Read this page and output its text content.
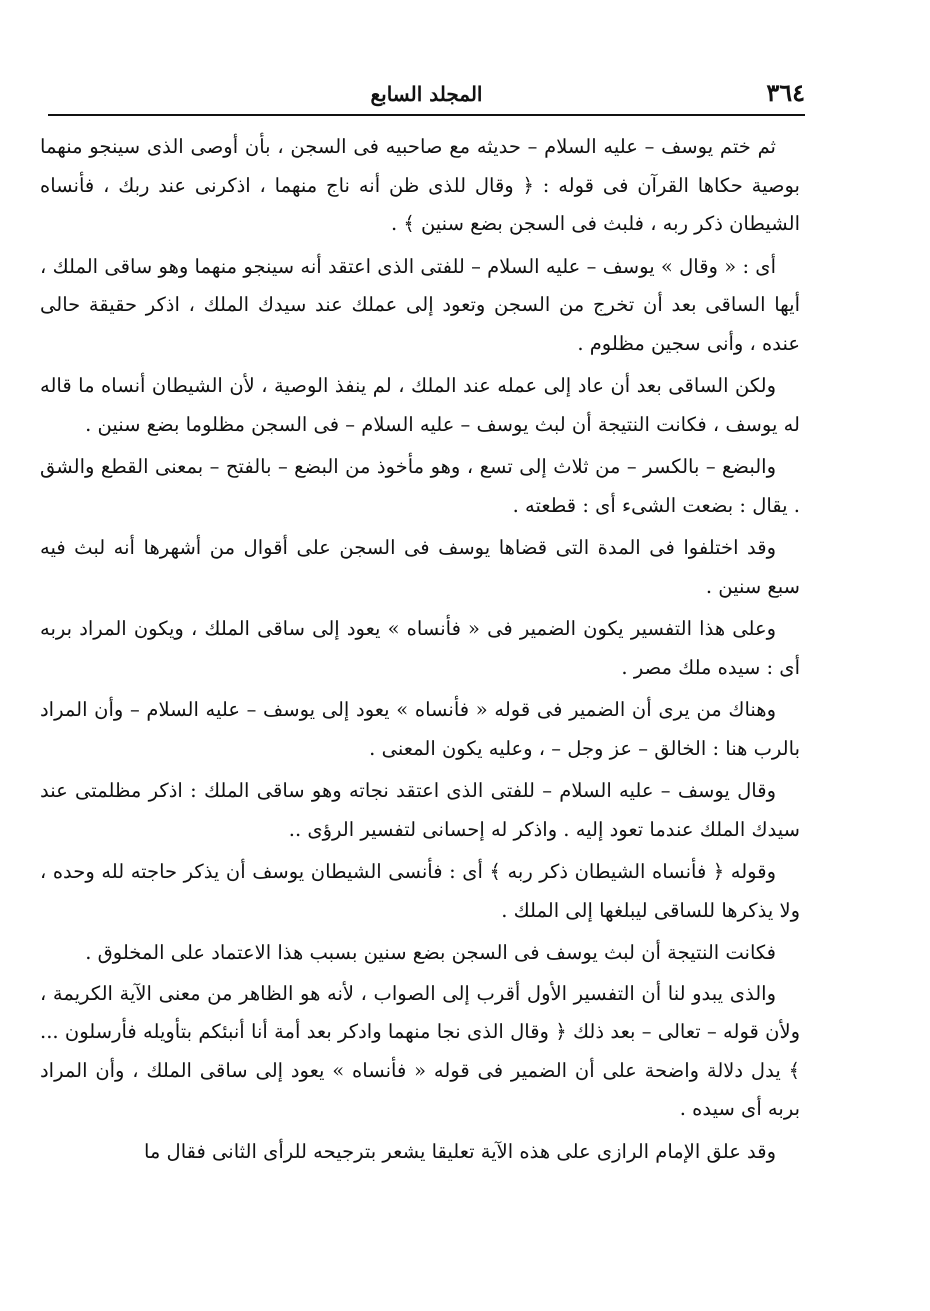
٣٦٤
المجلد السابع

ثم ختم يوسف – عليه السلام – حديثه مع صاحبيه فى السجن ، بأن أوصى الذى سينجو منهما بوصية حكاها القرآن فى قوله : ﴿ وقال للذى ظن أنه ناج منهما ، اذكرنى عند ربك ، فأنساه الشيطان ذكر ربه ، فلبث فى السجن بضع سنين ﴾ .

أى : « وقال » يوسف – عليه السلام – للفتى الذى اعتقد أنه سينجو منهما وهو ساقى الملك ، أيها الساقى بعد أن تخرج من السجن وتعود إلى عملك عند سيدك الملك ، اذكر حقيقة حالى عنده ، وأنى سجين مظلوم .

ولكن الساقى بعد أن عاد إلى عمله عند الملك ، لم ينفذ الوصية ، لأن الشيطان أنساه ما قاله له يوسف ، فكانت النتيجة أن لبث يوسف – عليه السلام – فى السجن مظلوما بضع سنين .

والبضع – بالكسر – من ثلاث إلى تسع ، وهو مأخوذ من البضع – بالفتح – بمعنى القطع والشق . يقال : بضعت الشىء أى : قطعته .

وقد اختلفوا فى المدة التى قضاها يوسف فى السجن على أقوال من أشهرها أنه لبث فيه سبع سنين .

وعلى هذا التفسير يكون الضمير فى « فأنساه » يعود إلى ساقى الملك ، ويكون المراد بربه أى : سيده ملك مصر .

وهناك من يرى أن الضمير فى قوله « فأنساه » يعود إلى يوسف – عليه السلام – وأن المراد بالرب هنا : الخالق – عز وجل – ، وعليه يكون المعنى .

وقال يوسف – عليه السلام – للفتى الذى اعتقد نجاته وهو ساقى الملك : اذكر مظلمتى عند سيدك الملك عندما تعود إليه . واذكر له إحسانى لتفسير الرؤى ..

وقوله ﴿ فأنساه الشيطان ذكر ربه ﴾ أى : فأنسى الشيطان يوسف أن يذكر حاجته لله وحده ، ولا يذكرها للساقى ليبلغها إلى الملك .

فكانت النتيجة أن لبث يوسف فى السجن بضع سنين بسبب هذا الاعتماد على المخلوق .

والذى يبدو لنا أن التفسير الأول أقرب إلى الصواب ، لأنه هو الظاهر من معنى الآية الكريمة ، ولأن قوله – تعالى – بعد ذلك ﴿ وقال الذى نجا منهما وادكر بعد أمة أنا أنبئكم بتأويله فأرسلون ... ﴾ يدل دلالة واضحة على أن الضمير فى قوله « فأنساه » يعود إلى ساقى الملك ، وأن المراد بربه أى سيده .

وقد علق الإمام الرازى على هذه الآية تعليقا يشعر بترجيحه للرأى الثانى فقال ما
